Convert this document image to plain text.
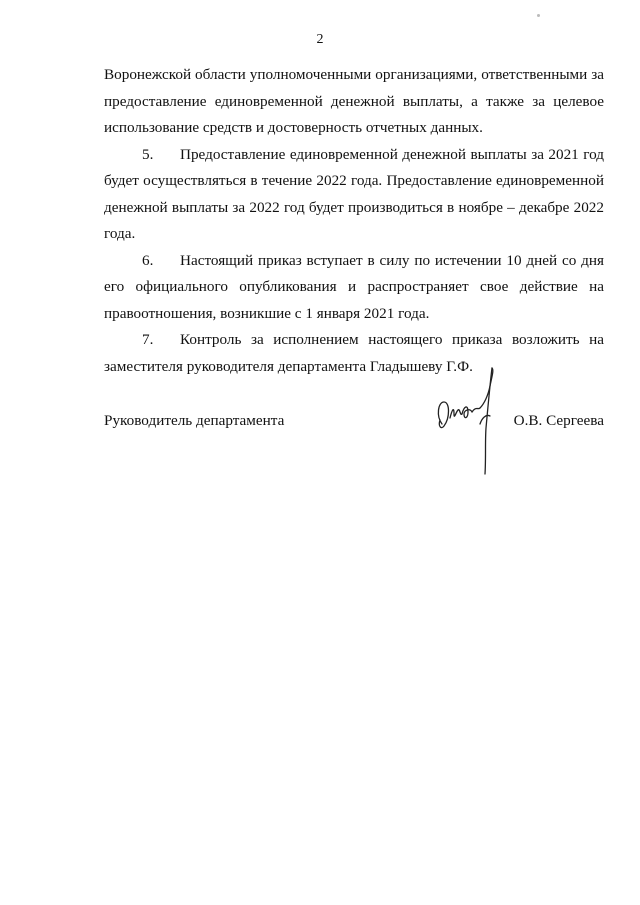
2

Воронежской области уполномоченными организациями, ответственными за предоставление единовременной денежной выплаты, а также за целевое использование средств и достоверность отчетных данных.

5. Предоставление единовременной денежной выплаты за 2021 год будет осуществляться в течение 2022 года. Предоставление единовременной денежной выплаты за 2022 год будет производиться в ноябре – декабре 2022 года.

6. Настоящий приказ вступает в силу по истечении 10 дней со дня его официального опубликования и распространяет свое действие на правоотношения, возникшие с 1 января 2021 года.

7. Контроль за исполнением настоящего приказа возложить на заместителя руководителя департамента Гладышеву Г.Ф.

Руководитель департамента	О.В. Сергеева
